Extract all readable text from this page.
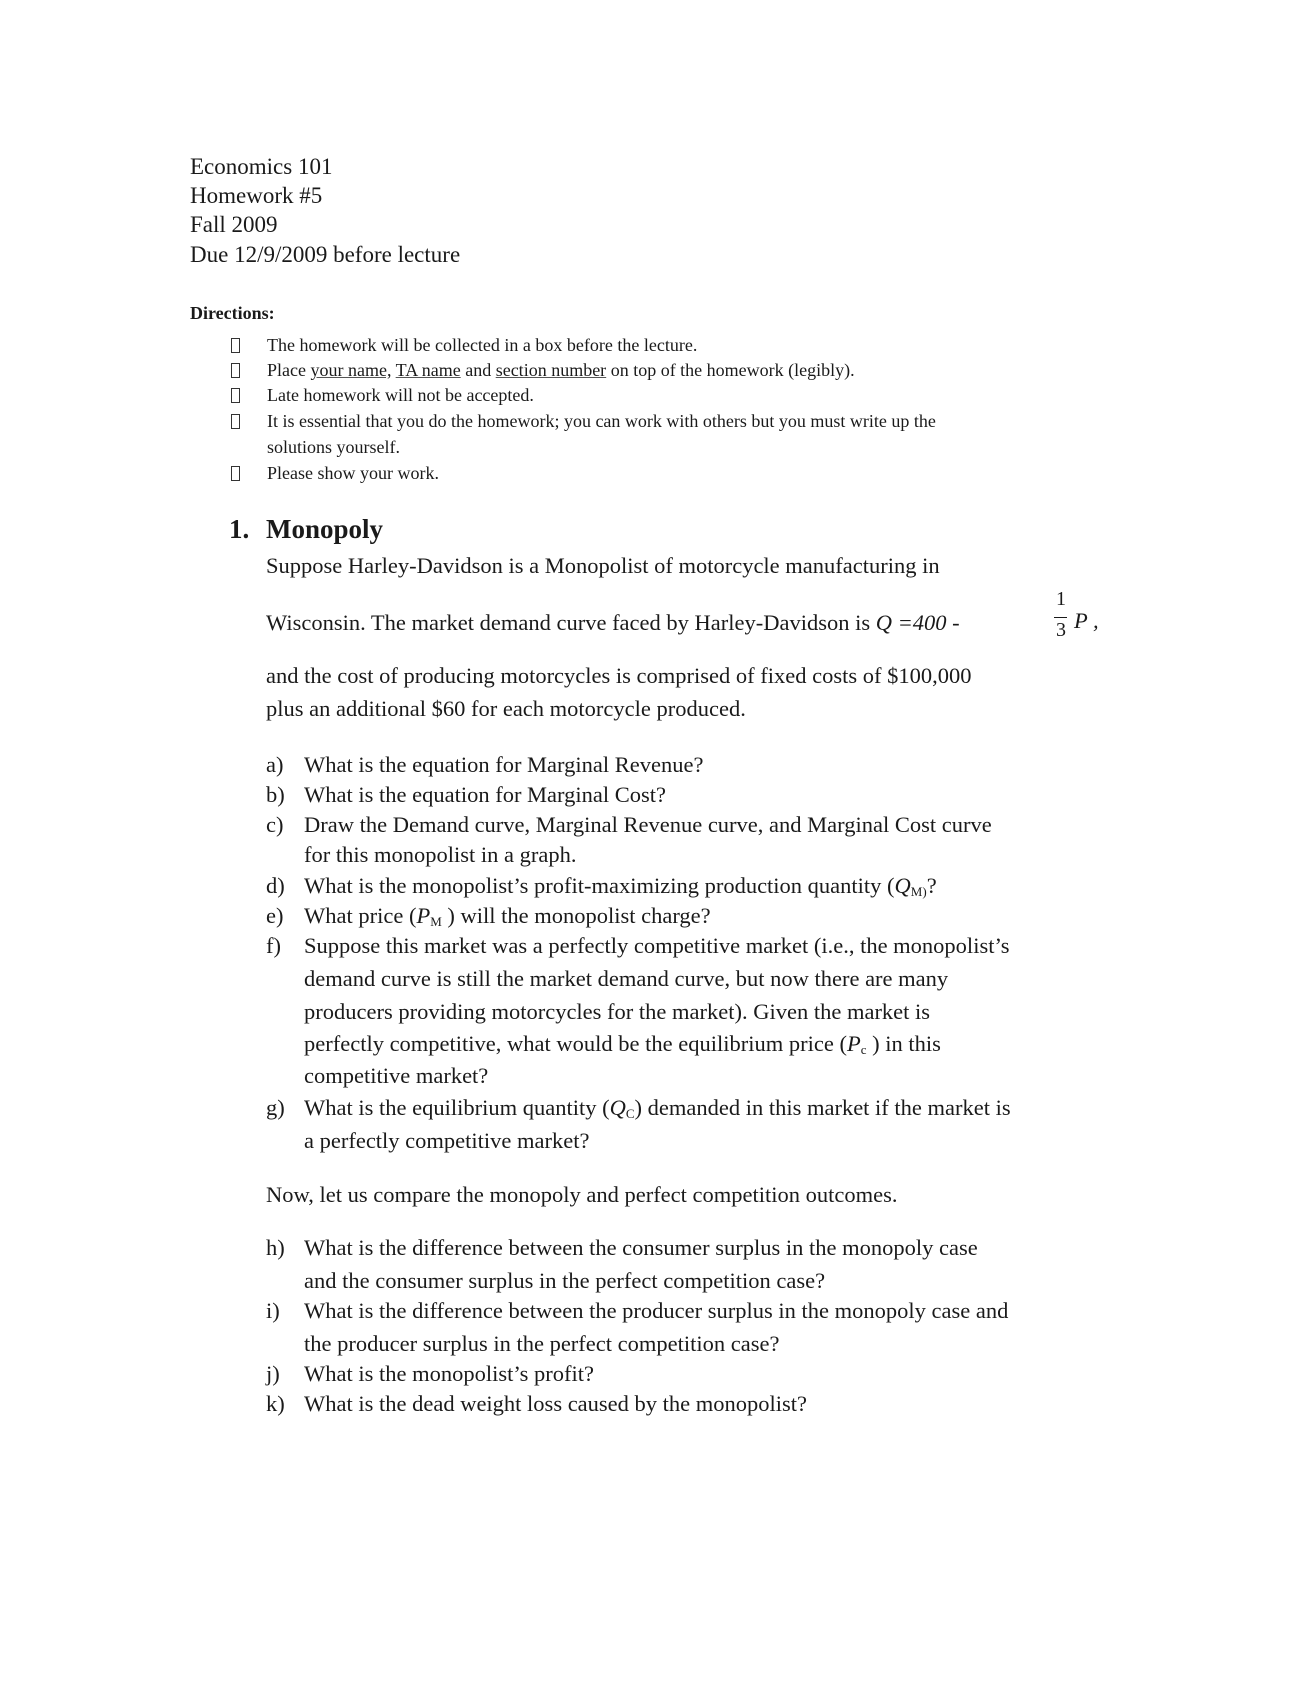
Economics 101
Homework #5
Fall 2009
Due 12/9/2009 before lecture
Directions:
The homework will be collected in a box before the lecture.
Place your name, TA name and section number on top of the homework (legibly).
Late homework will not be accepted.
It is essential that you do the homework; you can work with others but you must write up the
solutions yourself.
Please show your work.
1. Monopoly
Suppose Harley-Davidson is a Monopolist of motorcycle manufacturing in
Wisconsin. The market demand curve faced by Harley-Davidson is Q =400 -
1
3 P ,
and the cost of producing motorcycles is comprised of fixed costs of $100,000
plus an additional $60 for each motorcycle produced.
a) What is the equation for Marginal Revenue?
b) What is the equation for Marginal Cost?
c) Draw the Demand curve, Marginal Revenue curve, and Marginal Cost curve
for this monopolist in a graph.
d) What is the monopolist’s profit-maximizing production quantity ($Q_{M)}$?
e) What price ($P_M$ ) will the monopolist charge?
f) Suppose this market was a perfectly competitive market (i.e., the monopolist’s
demand curve is still the market demand curve, but now there are many
producers providing motorcycles for the market). Given the market is
perfectly competitive, what would be the equilibrium price ($P_c$ ) in this
competitive market?
g) What is the equilibrium quantity $(Q_C)$ demanded in this market if the market is
a perfectly competitive market?
Now, let us compare the monopoly and perfect competition outcomes.
h) What is the difference between the consumer surplus in the monopoly case
and the consumer surplus in the perfect competition case?
i) What is the difference between the producer surplus in the monopoly case and
the producer surplus in the perfect competition case?
j) What is the monopolist’s profit?
k) What is the dead weight loss caused by the monopolist?
